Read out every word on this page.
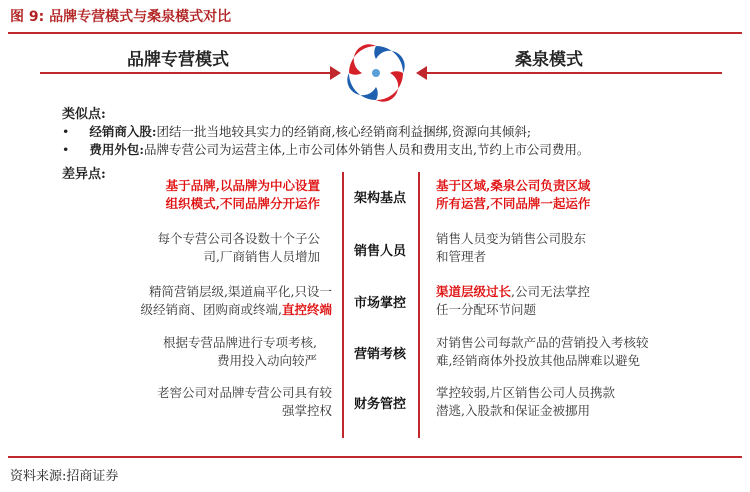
图 9: 品牌专营模式与桑泉模式对比
品牌专营模式	桑泉模式
类似点:
• 经销商入股:团结一批当地较具实力的经销商,核心经销商利益捆绑,资源向其倾斜;
• 费用外包:品牌专营公司为运营主体,上市公司体外销售人员和费用支出,节约上市公司费用。
差异点:
架构基点
基于品牌,以品牌为中心设置
组织模式,不同品牌分开运作
基于区域,桑泉公司负责区域
所有运营,不同品牌一起运作
销售人员
每个专营公司各设数十个子公
司,厂商销售人员增加
销售人员变为销售公司股东
和管理者
市场掌控
精简营销层级,渠道扁平化,只设一
级经销商、团购商或终端,直控终端
渠道层级过长,公司无法掌控
任一分配环节问题
营销考核
根据专营品牌进行专项考核,
费用投入动向较严
对销售公司每款产品的营销投入考核较
难,经销商体外投放其他品牌难以避免
财务管控
老窖公司对品牌专营公司具有较
强掌控权
掌控较弱,片区销售公司人员携款
潜逃,入股款和保证金被挪用
资料来源:招商证券
